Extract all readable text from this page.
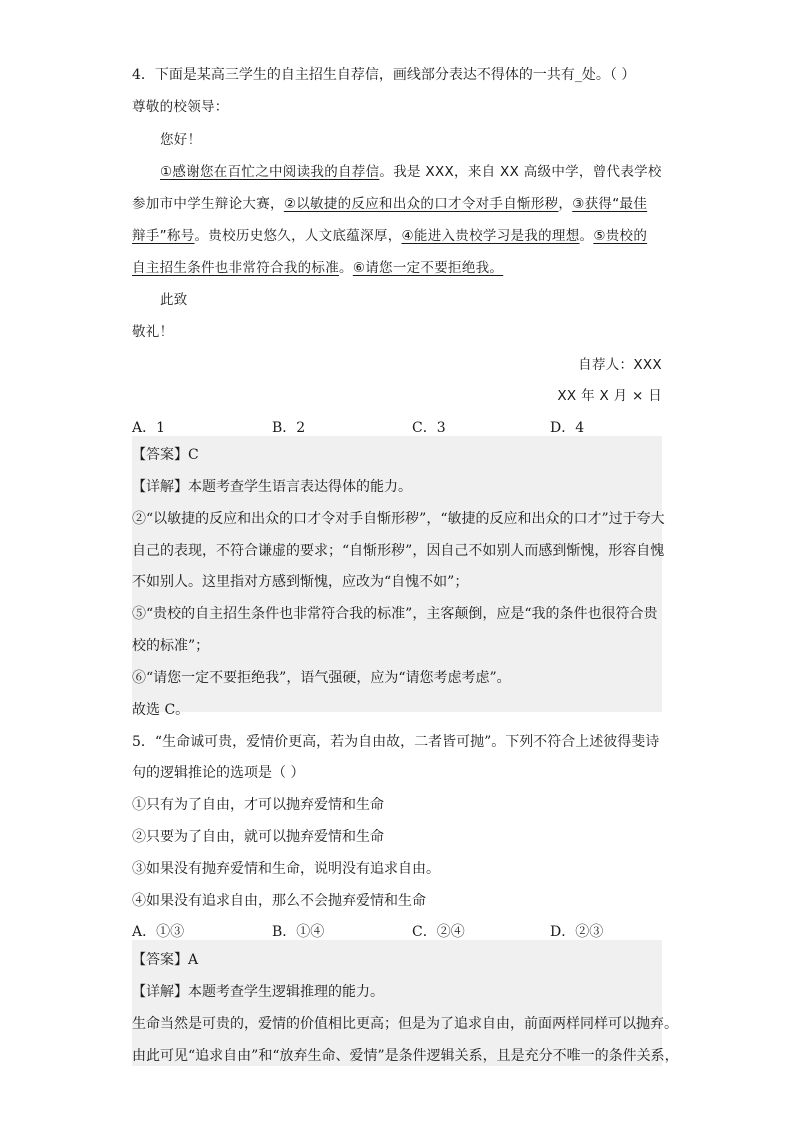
4．下面是某高三学生的自主招生自荐信，画线部分表达不得体的一共有_处。（ ）
尊敬的校领导：
您好！
①感谢您在百忙之中阅读我的自荐信。我是 XXX，来自 XX 高级中学，曾代表学校
参加市中学生辩论大赛，②以敏捷的反应和出众的口才令对手自惭形秽，③获得“最佳
辩手”称号。贵校历史悠久，人文底蕴深厚，④能进入贵校学习是我的理想。⑤贵校的
自主招生条件也非常符合我的标准。⑥请您一定不要拒绝我。
此致
敬礼！
自荐人：XXX
XX 年 X 月 × 日
A．1	B．2	C．3	D．4
【答案】C
【详解】本题考查学生语言表达得体的能力。
②“以敏捷的反应和出众的口才令对手自惭形秽”，“敏捷的反应和出众的口才”过于夸大
自己的表现，不符合谦虚的要求；“自惭形秽”，因自己不如别人而感到惭愧，形容自愧
不如别人。这里指对方感到惭愧，应改为“自愧不如”；
⑤“贵校的自主招生条件也非常符合我的标准”，主客颠倒，应是“我的条件也很符合贵
校的标准”；
⑥“请您一定不要拒绝我”，语气强硬，应为“请您考虑考虑”。
故选 C。
5．“生命诚可贵，爱情价更高，若为自由故，二者皆可抛”。下列不符合上述彼得斐诗
句的逻辑推论的选项是（ ）
①只有为了自由，才可以抛弃爱情和生命
②只要为了自由，就可以抛弃爱情和生命
③如果没有抛弃爱情和生命，说明没有追求自由。
④如果没有追求自由，那么不会抛弃爱情和生命
A．①③	B．①④	C．②④	D．②③
【答案】A
【详解】本题考查学生逻辑推理的能力。
生命当然是可贵的，爱情的价值相比更高；但是为了追求自由，前面两样同样可以抛弃。
由此可见“追求自由”和“放弃生命、爱情”是条件逻辑关系，且是充分不唯一的条件关系，
